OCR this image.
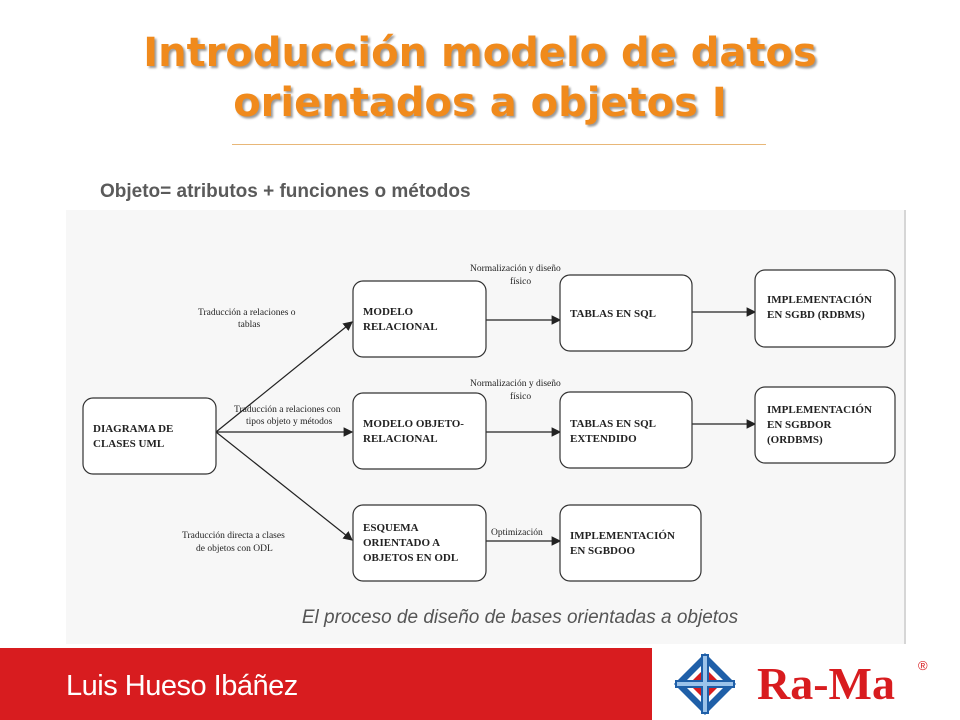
Introducción modelo de datos
orientados a objetos I
Objeto= atributos + funciones o métodos
Traducción a relaciones o tablas
Traducción a relaciones con tipos objeto y métodos
Traducción directa a clases de objetos con ODL
Normalización y diseño físico
Normalización y diseño físico
Optimización
DIAGRAMA DE CLASES UML
MODELO RELACIONAL
MODELO OBJETO-RELACIONAL
ESQUEMA ORIENTADO A OBJETOS EN ODL
TABLAS EN SQL
TABLAS EN SQL EXTENDIDO
IMPLEMENTACIÓN EN SGBDOO
IMPLEMENTACIÓN EN SGBD (RDBMS)
IMPLEMENTACIÓN EN SGBDOR (ORDBMS)
El proceso de diseño de bases orientadas a objetos
Luis Hueso Ibáñez	Ra-Ma ®
